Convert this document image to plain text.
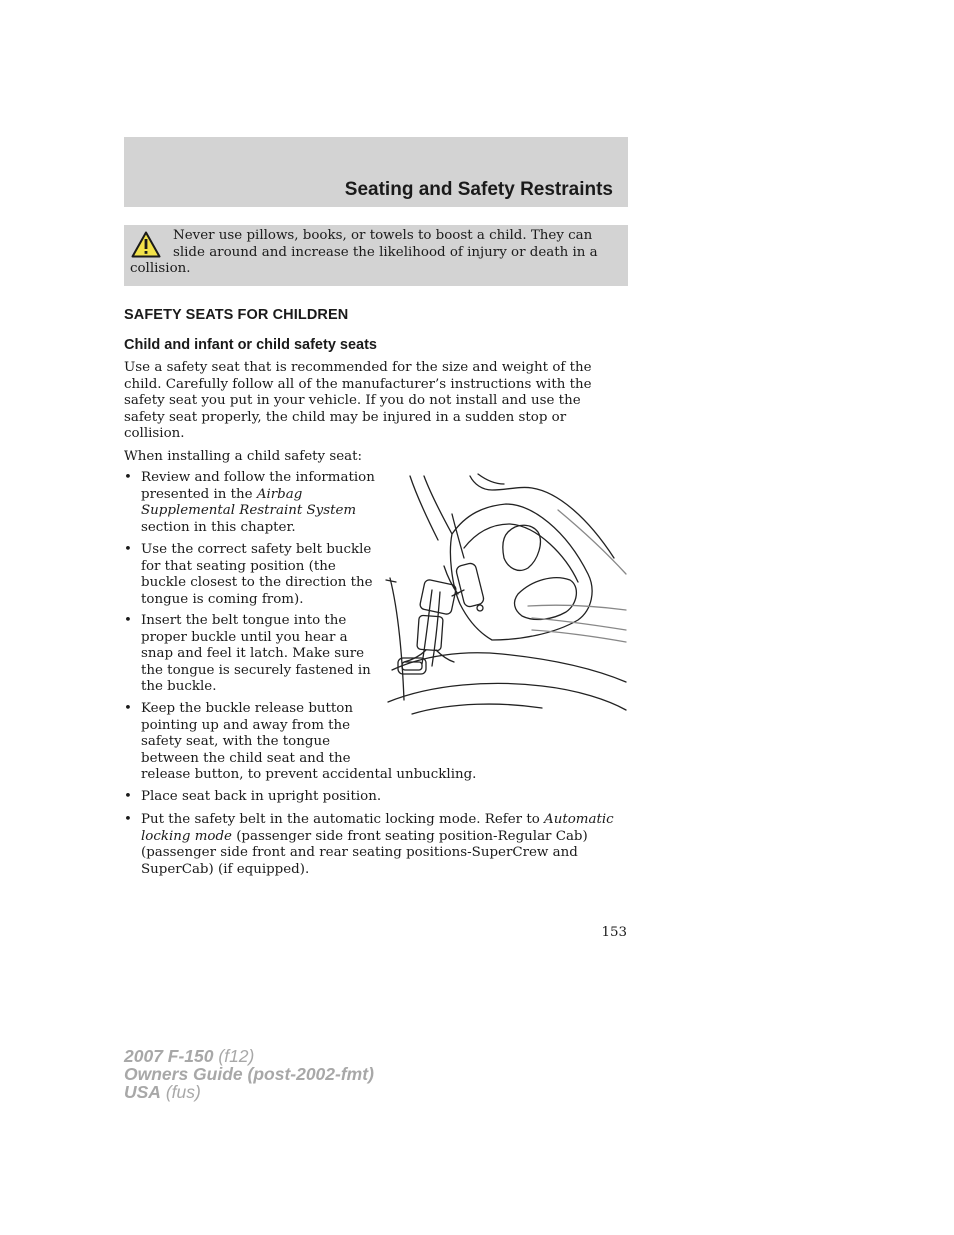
Seating and Safety Restraints

Never use pillows, books, or towels to boost a child. They can
slide around and increase the likelihood of injury or death in a
collision.

SAFETY SEATS FOR CHILDREN
Child and infant or child safety seats

Use a safety seat that is recommended for the size and weight of the
child. Carefully follow all of the manufacturer’s instructions with the
safety seat you put in your vehicle. If you do not install and use the
safety seat properly, the child may be injured in a sudden stop or
collision.

When installing a child safety seat:

• Review and follow the information
presented in the Airbag
Supplemental Restraint System
section in this chapter.
• Use the correct safety belt buckle
for that seating position (the
buckle closest to the direction the
tongue is coming from).
• Insert the belt tongue into the
proper buckle until you hear a
snap and feel it latch. Make sure
the tongue is securely fastened in
the buckle.
• Keep the buckle release button
pointing up and away from the
safety seat, with the tongue
between the child seat and the
release button, to prevent accidental unbuckling.
• Place seat back in upright position.
• Put the safety belt in the automatic locking mode. Refer to Automatic
locking mode (passenger side front seating position-Regular Cab)
(passenger side front and rear seating positions-SuperCrew and
SuperCab) (if equipped).
153
2007 F-150 (f12)
Owners Guide (post-2002-fmt)
USA (fus)
